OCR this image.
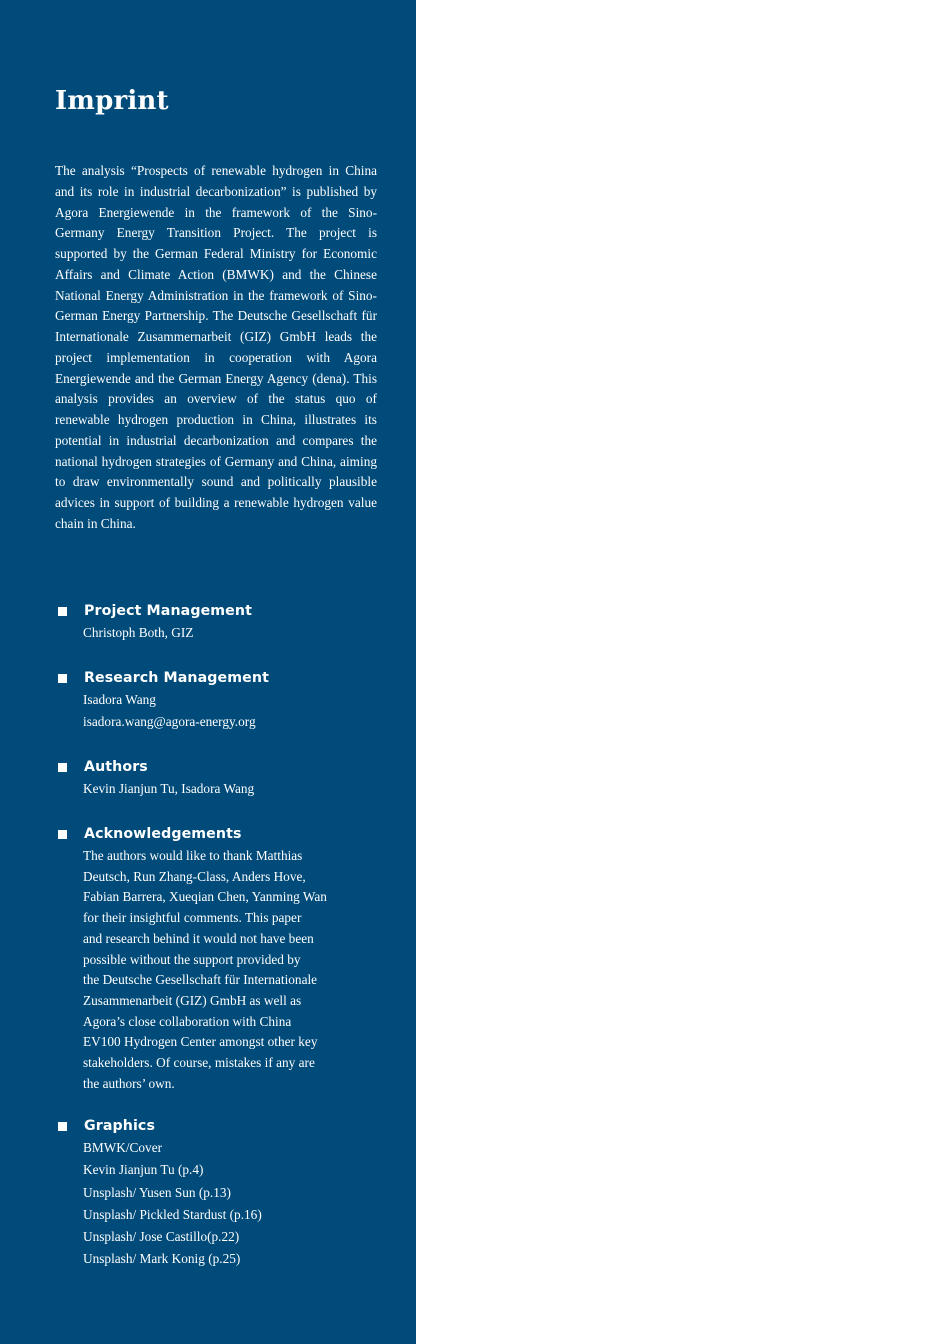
Imprint

The analysis “Prospects of renewable hydrogen in China and its role in industrial decarbonization” is published by Agora Energiewende in the framework of the Sino-Germany Energy Transition Project. The project is supported by the German Federal Ministry for Economic Affairs and Climate Action (BMWK) and the Chinese National Energy Administration in the framework of Sino-German Energy Partnership. The Deutsche Gesellschaft für Internationale Zusammernarbeit (GIZ) GmbH leads the project implementation in cooperation with Agora Energiewende and the German Energy Agency (dena). This analysis provides an overview of the status quo of renewable hydrogen production in China, illustrates its potential in industrial decarbonization and compares the national hydrogen strategies of Germany and China, aiming to draw environmentally sound and politically plausible advices in support of building a renewable hydrogen value chain in China.

Project Management
Christoph Both, GIZ
Research Management
Isadora Wang
isadora.wang@agora-energy.org
Authors
Kevin Jianjun Tu, Isadora Wang
Acknowledgements
The authors would like to thank Matthias
Deutsch, Run Zhang-Class, Anders Hove,
Fabian Barrera, Xueqian Chen, Yanming Wan
for their insightful comments. This paper
and research behind it would not have been
possible without the support provided by
the Deutsche Gesellschaft für Internationale
Zusammenarbeit (GIZ) GmbH as well as
Agora’s close collaboration with China
EV100 Hydrogen Center amongst other key
stakeholders. Of course, mistakes if any are
the authors’ own.
Graphics
BMWK/Cover
Kevin Jianjun Tu (p.4)
Unsplash/ Yusen Sun (p.13)
Unsplash/ Pickled Stardust (p.16)
Unsplash/ Jose Castillo(p.22)
Unsplash/ Mark Konig (p.25)
